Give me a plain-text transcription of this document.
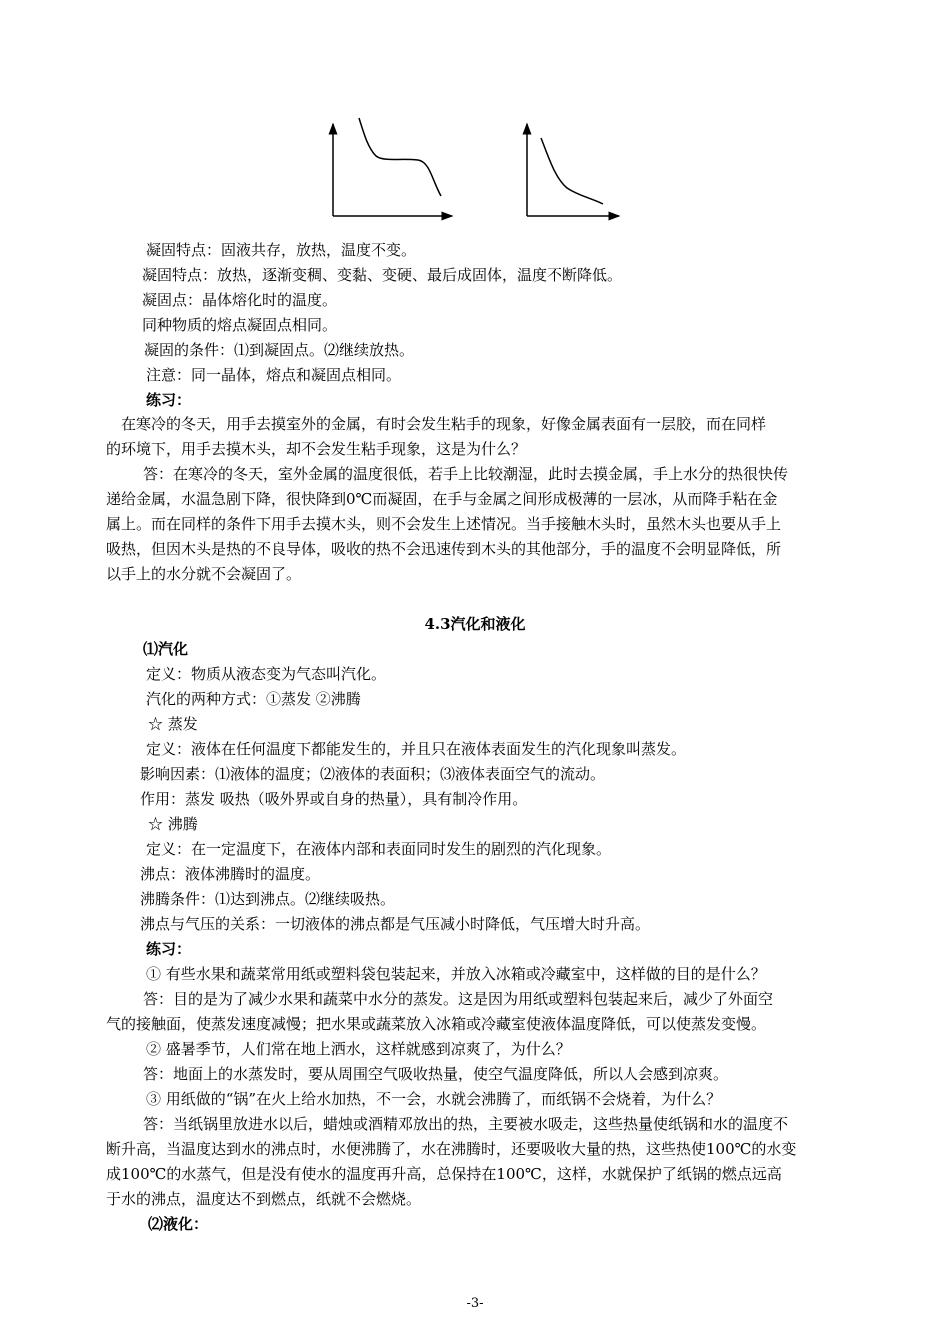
凝固特点：固液共存，放热，温度不变。
凝固特点：放热，逐渐变稠、变黏、变硬、最后成固体，温度不断降低。
凝固点：晶体熔化时的温度。
同种物质的熔点凝固点相同。
凝固的条件：⑴到凝固点。⑵继续放热。
注意：同一晶体，熔点和凝固点相同。
练习：
在寒冷的冬天，用手去摸室外的金属，有时会发生粘手的现象，好像金属表面有一层胶，而在同样
的环境下，用手去摸木头，却不会发生粘手现象，这是为什么？
答：在寒冷的冬天，室外金属的温度很低，若手上比较潮湿，此时去摸金属，手上水分的热很快传
递给金属，水温急剧下降，很快降到0℃而凝固，在手与金属之间形成极薄的一层冰，从而降手粘在金
属上。而在同样的条件下用手去摸木头，则不会发生上述情况。当手接触木头时，虽然木头也要从手上
吸热，但因木头是热的不良导体，吸收的热不会迅速传到木头的其他部分，手的温度不会明显降低，所
以手上的水分就不会凝固了。
4.3汽化和液化
⑴汽化
定义：物质从液态变为气态叫汽化。
汽化的两种方式：①蒸发 ②沸腾
☆ 蒸发
定义：液体在任何温度下都能发生的，并且只在液体表面发生的汽化现象叫蒸发。
影响因素：⑴液体的温度；⑵液体的表面积；⑶液体表面空气的流动。
作用：蒸发 吸热（吸外界或自身的热量），具有制冷作用。
☆ 沸腾
定义：在一定温度下，在液体内部和表面同时发生的剧烈的汽化现象。
沸点：液体沸腾时的温度。
沸腾条件：⑴达到沸点。⑵继续吸热。
沸点与气压的关系：一切液体的沸点都是气压减小时降低，气压增大时升高。
练习：
① 有些水果和蔬菜常用纸或塑料袋包装起来，并放入冰箱或冷藏室中，这样做的目的是什么？
答：目的是为了减少水果和蔬菜中水分的蒸发。这是因为用纸或塑料包装起来后，减少了外面空
气的接触面，使蒸发速度减慢；把水果或蔬菜放入冰箱或冷藏室使液体温度降低，可以使蒸发变慢。
② 盛暑季节，人们常在地上洒水，这样就感到凉爽了，为什么？
答：地面上的水蒸发时，要从周围空气吸收热量，使空气温度降低，所以人会感到凉爽。
③ 用纸做的“锅”在火上给水加热，不一会，水就会沸腾了，而纸锅不会烧着，为什么？
答：当纸锅里放进水以后，蜡烛或酒精邓放出的热，主要被水吸走，这些热量使纸锅和水的温度不
断升高，当温度达到水的沸点时，水便沸腾了，水在沸腾时，还要吸收大量的热，这些热使100℃的水变
成100℃的水蒸气，但是没有使水的温度再升高，总保持在100℃，这样，水就保护了纸锅的燃点远高
于水的沸点，温度达不到燃点，纸就不会燃烧。
⑵液化：
-3-
